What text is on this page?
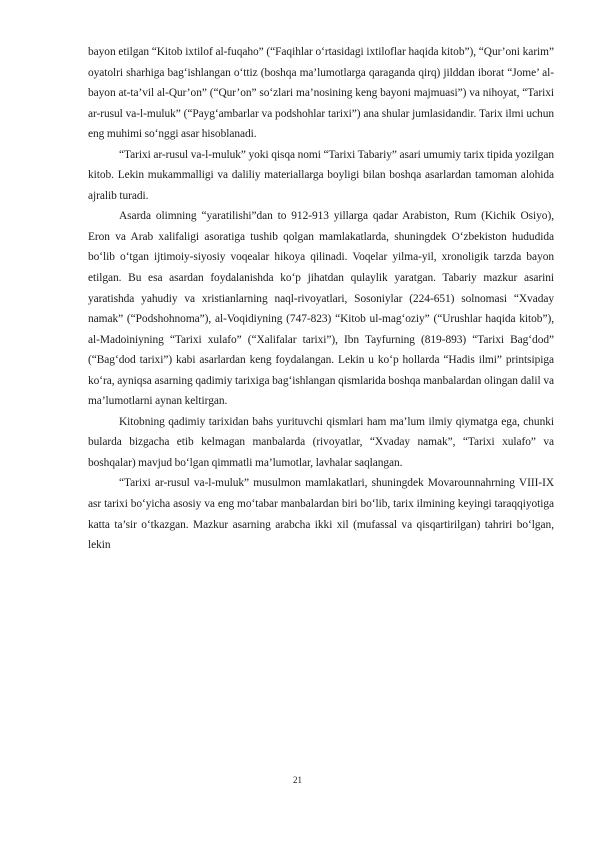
bayon etilgan “Kitob ixtilof al-fuqaho” (“Faqihlar o‘rtasidagi ixtiloflar haqida kitob”), “Qur’oni karim” oyatolri sharhiga bag‘ishlangan o‘ttiz (boshqa ma’lumotlarga qaraganda qirq) jilddan iborat “Jome’ al-bayon at-ta’vil al-Qur’on” (“Qur’on” so‘zlari ma’nosining keng bayoni majmuasi”) va nihoyat, “Tarixi ar-rusul va-l-muluk” (“Payg‘ambarlar va podshohlar tarixi”) ana shular jumlasidandir. Tarix ilmi uchun eng muhimi so‘nggi asar hisoblanadi.

“Tarixi ar-rusul va-l-muluk” yoki qisqa nomi “Tarixi Tabariy” asari umumiy tarix tipida yozilgan kitob. Lekin mukammalligi va daliliy materiallarga boyligi bilan boshqa asarlardan tamoman alohida ajralib turadi.

Asarda olimning “yaratilishi”dan to 912-913 yillarga qadar Arabiston, Rum (Kichik Osiyo), Eron va Arab xalifaligi asoratiga tushib qolgan mamlakatlarda, shuningdek O‘zbekiston hududida bo‘lib o‘tgan ijtimoiy-siyosiy voqealar hikoya qilinadi. Voqelar yilma-yil, xronoligik tarzda bayon etilgan. Bu esa asardan foydalanishda ko‘p jihatdan qulaylik yaratgan. Tabariy mazkur asarini yaratishda yahudiy va xristianlarning naql-rivoyatlari, Sosoniylar (224-651) solnomasi “Xvaday namak” (“Podshohnoma”), al-Voqidiyning (747-823) “Kitob ul-mag‘oziy” (“Urushlar haqida kitob”), al-Madoiniyning “Tarixi xulafo” (“Xalifalar tarixi”), Ibn Tayfurning (819-893) “Tarixi Bag‘dod” (“Bag‘dod tarixi”) kabi asarlardan keng foydalangan. Lekin u ko‘p hollarda “Hadis ilmi” printsipiga ko‘ra, ayniqsa asarning qadimiy tarixiga bag‘ishlangan qismlarida boshqa manbalardan olingan dalil va ma’lumotlarni aynan keltirgan.

Kitobning qadimiy tarixidan bahs yurituvchi qismlari ham ma’lum ilmiy qiymatga ega, chunki bularda bizgacha etib kelmagan manbalarda (rivoyatlar, “Xvaday namak”, “Tarixi xulafo” va boshqalar) mavjud bo‘lgan qimmatli ma’lumotlar, lavhalar saqlangan.

“Tarixi ar-rusul va-l-muluk” musulmon mamlakatlari, shuningdek Movarounnahrning VIII-IX asr tarixi bo‘yicha asosiy va eng mo‘tabar manbalardan biri bo‘lib, tarix ilmining keyingi taraqqiyotiga katta ta’sir o‘tkazgan. Mazkur asarning arabcha ikki xil (mufassal va qisqartirilgan) tahriri bo‘lgan, lekin

21
